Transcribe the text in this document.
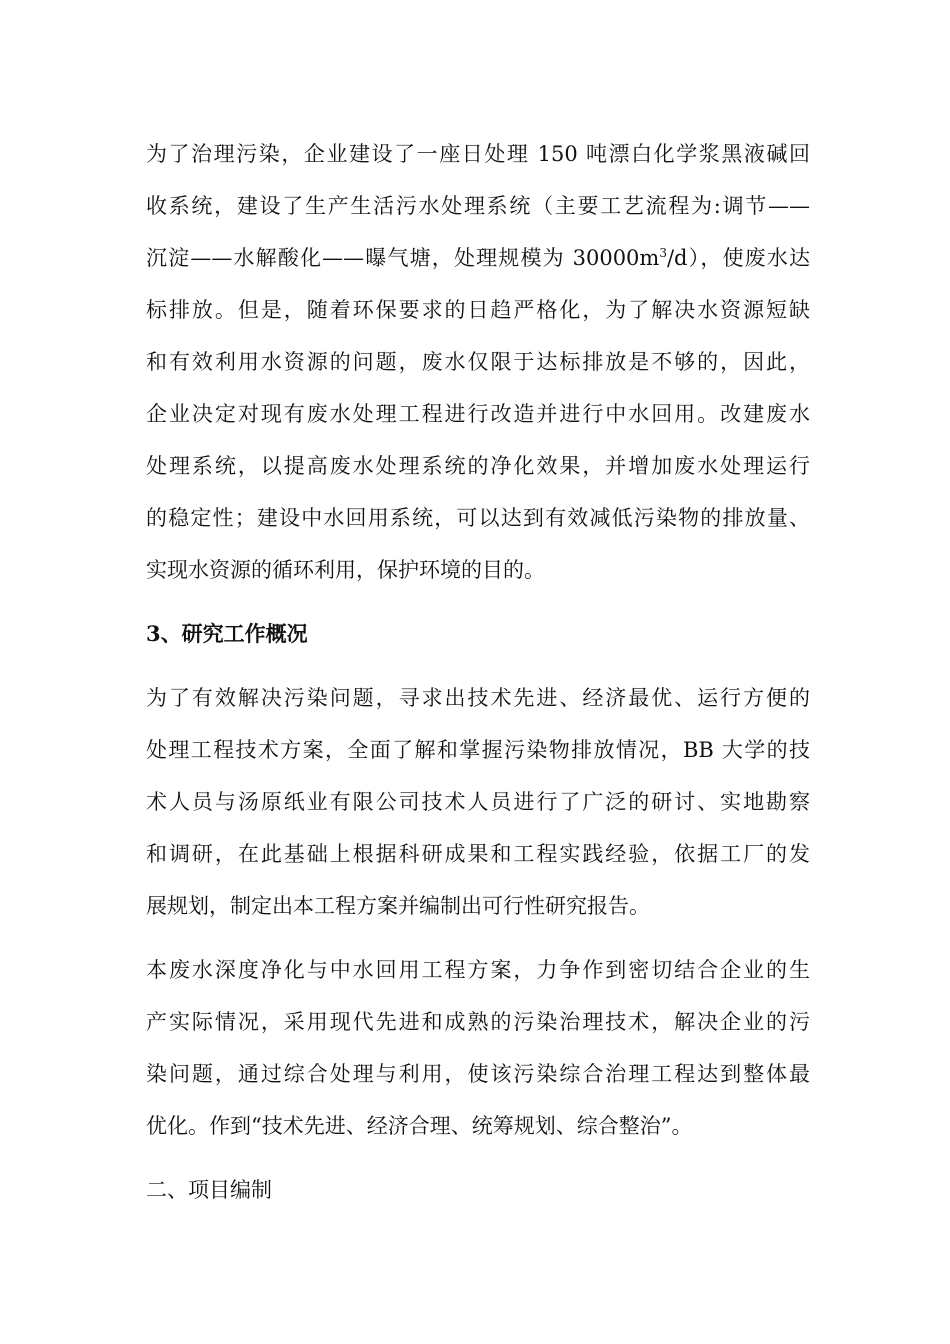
为了治理污染，企业建设了一座日处理 150 吨漂白化学浆黑液碱回
收系统，建设了生产生活污水处理系统（主要工艺流程为:调节——
沉淀——水解酸化——曝气塘，处理规模为 $30000m^3/d$），使废水达
标排放。但是，随着环保要求的日趋严格化，为了解决水资源短缺
和有效利用水资源的问题，废水仅限于达标排放是不够的，因此，
企业决定对现有废水处理工程进行改造并进行中水回用。改建废水
处理系统，以提高废水处理系统的净化效果，并增加废水处理运行
的稳定性；建设中水回用系统，可以达到有效减低污染物的排放量、
实现水资源的循环利用，保护环境的目的。
3、研究工作概况
为了有效解决污染问题，寻求出技术先进、经济最优、运行方便的
处理工程技术方案，全面了解和掌握污染物排放情况，BB 大学的技
术人员与汤原纸业有限公司技术人员进行了广泛的研讨、实地勘察
和调研，在此基础上根据科研成果和工程实践经验，依据工厂的发
展规划，制定出本工程方案并编制出可行性研究报告。
本废水深度净化与中水回用工程方案，力争作到密切结合企业的生
产实际情况，采用现代先进和成熟的污染治理技术，解决企业的污
染问题，通过综合处理与利用，使该污染综合治理工程达到整体最
优化。作到“技术先进、经济合理、统筹规划、综合整治”。
二、项目编制
